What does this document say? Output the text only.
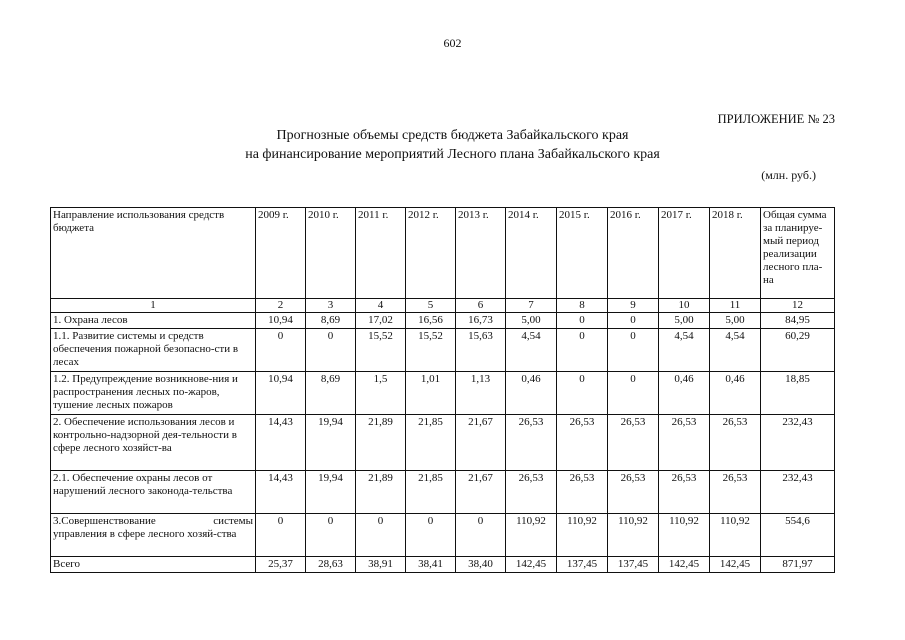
602
ПРИЛОЖЕНИЕ № 23
Прогнозные объемы средств бюджета Забайкальского края
на финансирование мероприятий Лесного плана Забайкальского края
(млн. руб.)
Направление использования средств бюджета	2009 г.	2010 г.	2011 г.	2012 г.	2013 г.	2014 г.	2015 г.	2016 г.	2017 г.	2018 г.	Общая сумма за планируе-мый период реализации лесного пла-на
1	2	3	4	5	6	7	8	9	10	11	12
1. Охрана лесов	10,94	8,69	17,02	16,56	16,73	5,00	0	0	5,00	5,00	84,95
1.1. Развитие системы и средств обеспечения пожарной безопасно-сти в лесах	0	0	15,52	15,52	15,63	4,54	0	0	4,54	4,54	60,29
1.2. Предупреждение возникнове-ния и распространения лесных по-жаров, тушение лесных пожаров	10,94	8,69	1,5	1,01	1,13	0,46	0	0	0,46	0,46	18,85
2. Обеспечение использования лесов и контрольно-надзорной дея-тельности в сфере лесного хозяйст-ва	14,43	19,94	21,89	21,85	21,67	26,53	26,53	26,53	26,53	26,53	232,43
2.1. Обеспечение охраны лесов от нарушений лесного законода-тельства	14,43	19,94	21,89	21,85	21,67	26,53	26,53	26,53	26,53	26,53	232,43
3.Совершенствование системы управления в сфере лесного хозяй-ства	0	0	0	0	0	110,92	110,92	110,92	110,92	110,92	554,6
Всего	25,37	28,63	38,91	38,41	38,40	142,45	137,45	137,45	142,45	142,45	871,97
